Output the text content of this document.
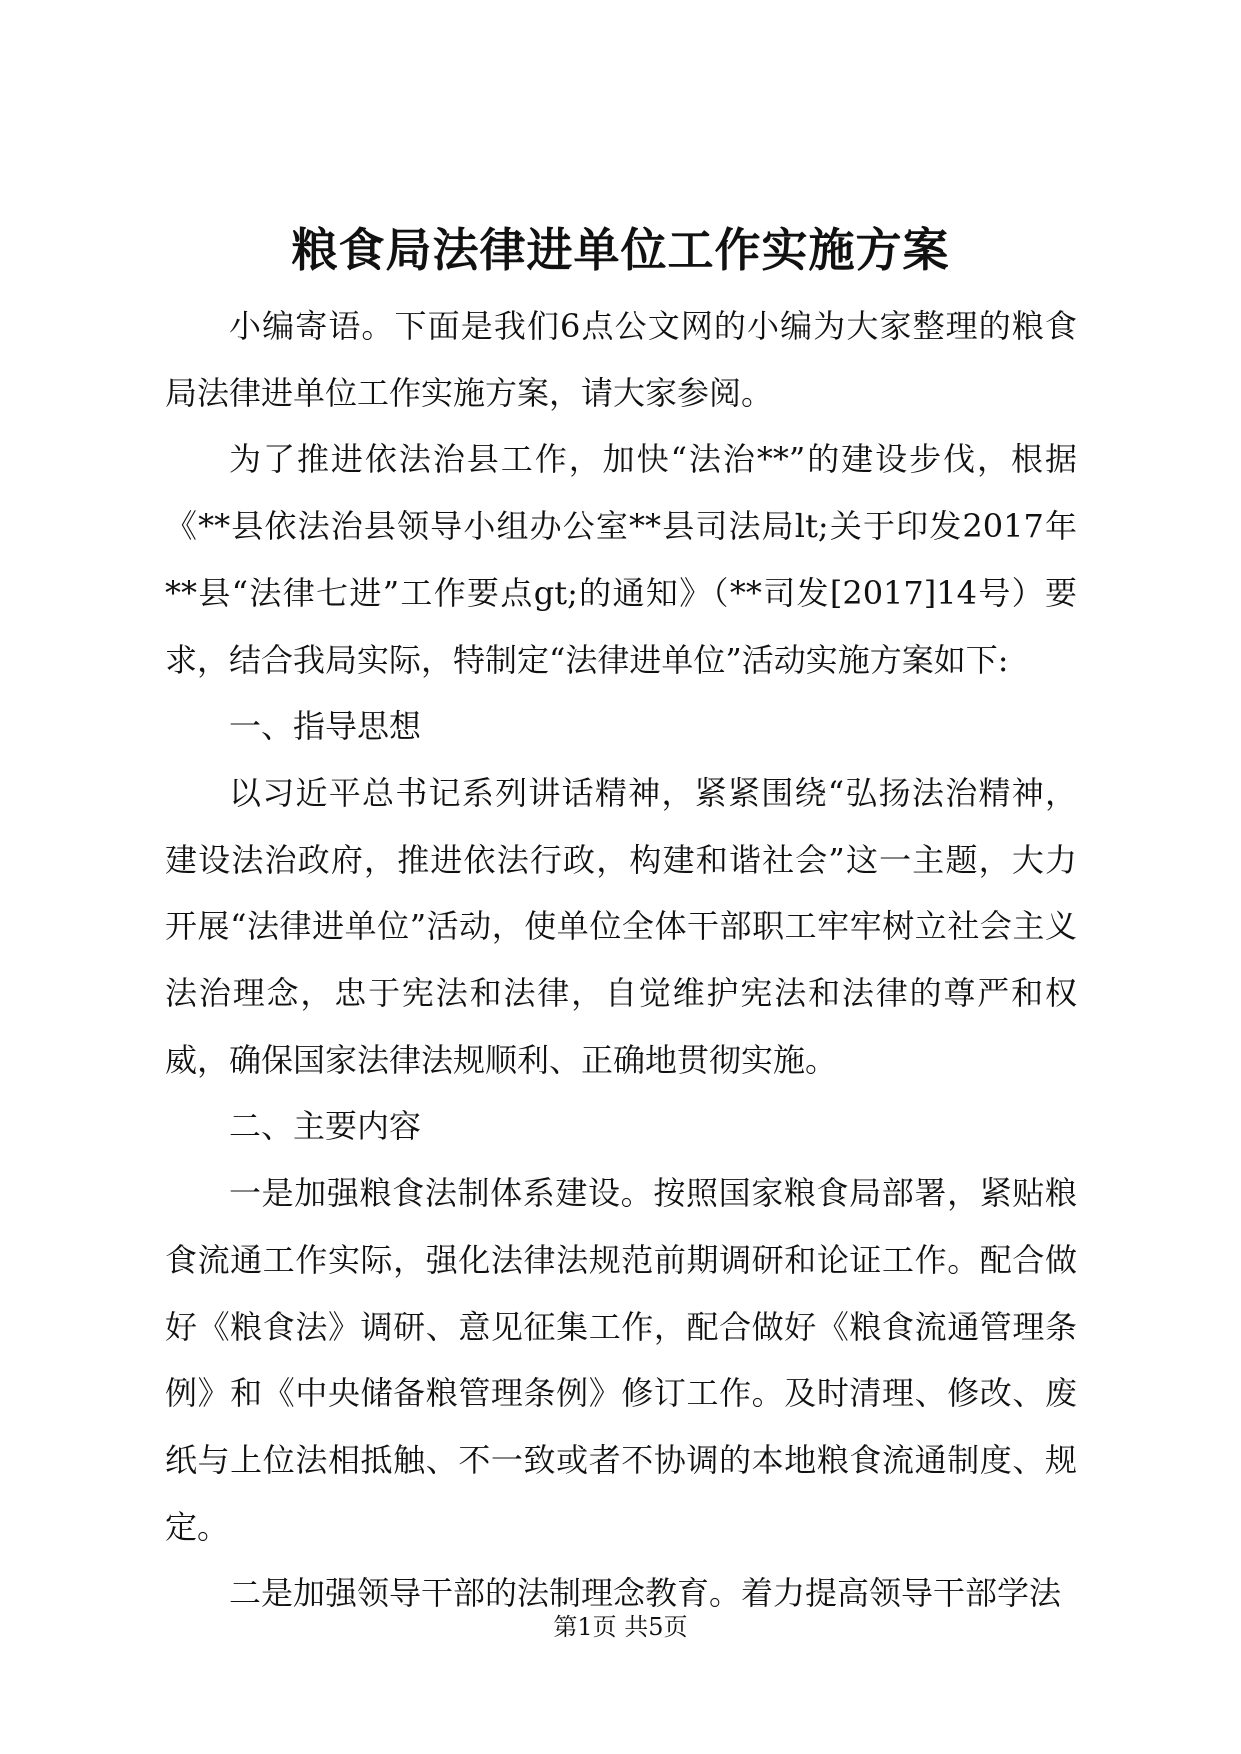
粮食局法律进单位工作实施方案

小编寄语。下面是我们6点公文网的小编为大家整理的粮食局法律进单位工作实施方案，请大家参阅。

为了推进依法治县工作，加快“法治**”的建设步伐，根据《**县依法治县领导小组办公室**县司法局lt;关于印发2017年**县“法律七进”工作要点gt;的通知》（**司发[2017]14号）要求，结合我局实际，特制定“法律进单位”活动实施方案如下:

一、指导思想

以习近平总书记系列讲话精神，紧紧围绕“弘扬法治精神，建设法治政府，推进依法行政，构建和谐社会”这一主题，大力开展“法律进单位”活动，使单位全体干部职工牢牢树立社会主义法治理念，忠于宪法和法律，自觉维护宪法和法律的尊严和权威，确保国家法律法规顺利、正确地贯彻实施。

二、主要内容

一是加强粮食法制体系建设。按照国家粮食局部署，紧贴粮食流通工作实际，强化法律法规范前期调研和论证工作。配合做好《粮食法》调研、意见征集工作，配合做好《粮食流通管理条例》和《中央储备粮管理条例》修订工作。及时清理、修改、废纸与上位法相抵触、不一致或者不协调的本地粮食流通制度、规定。

二是加强领导干部的法制理念教育。着力提高领导干部学法

第1页 共5页
